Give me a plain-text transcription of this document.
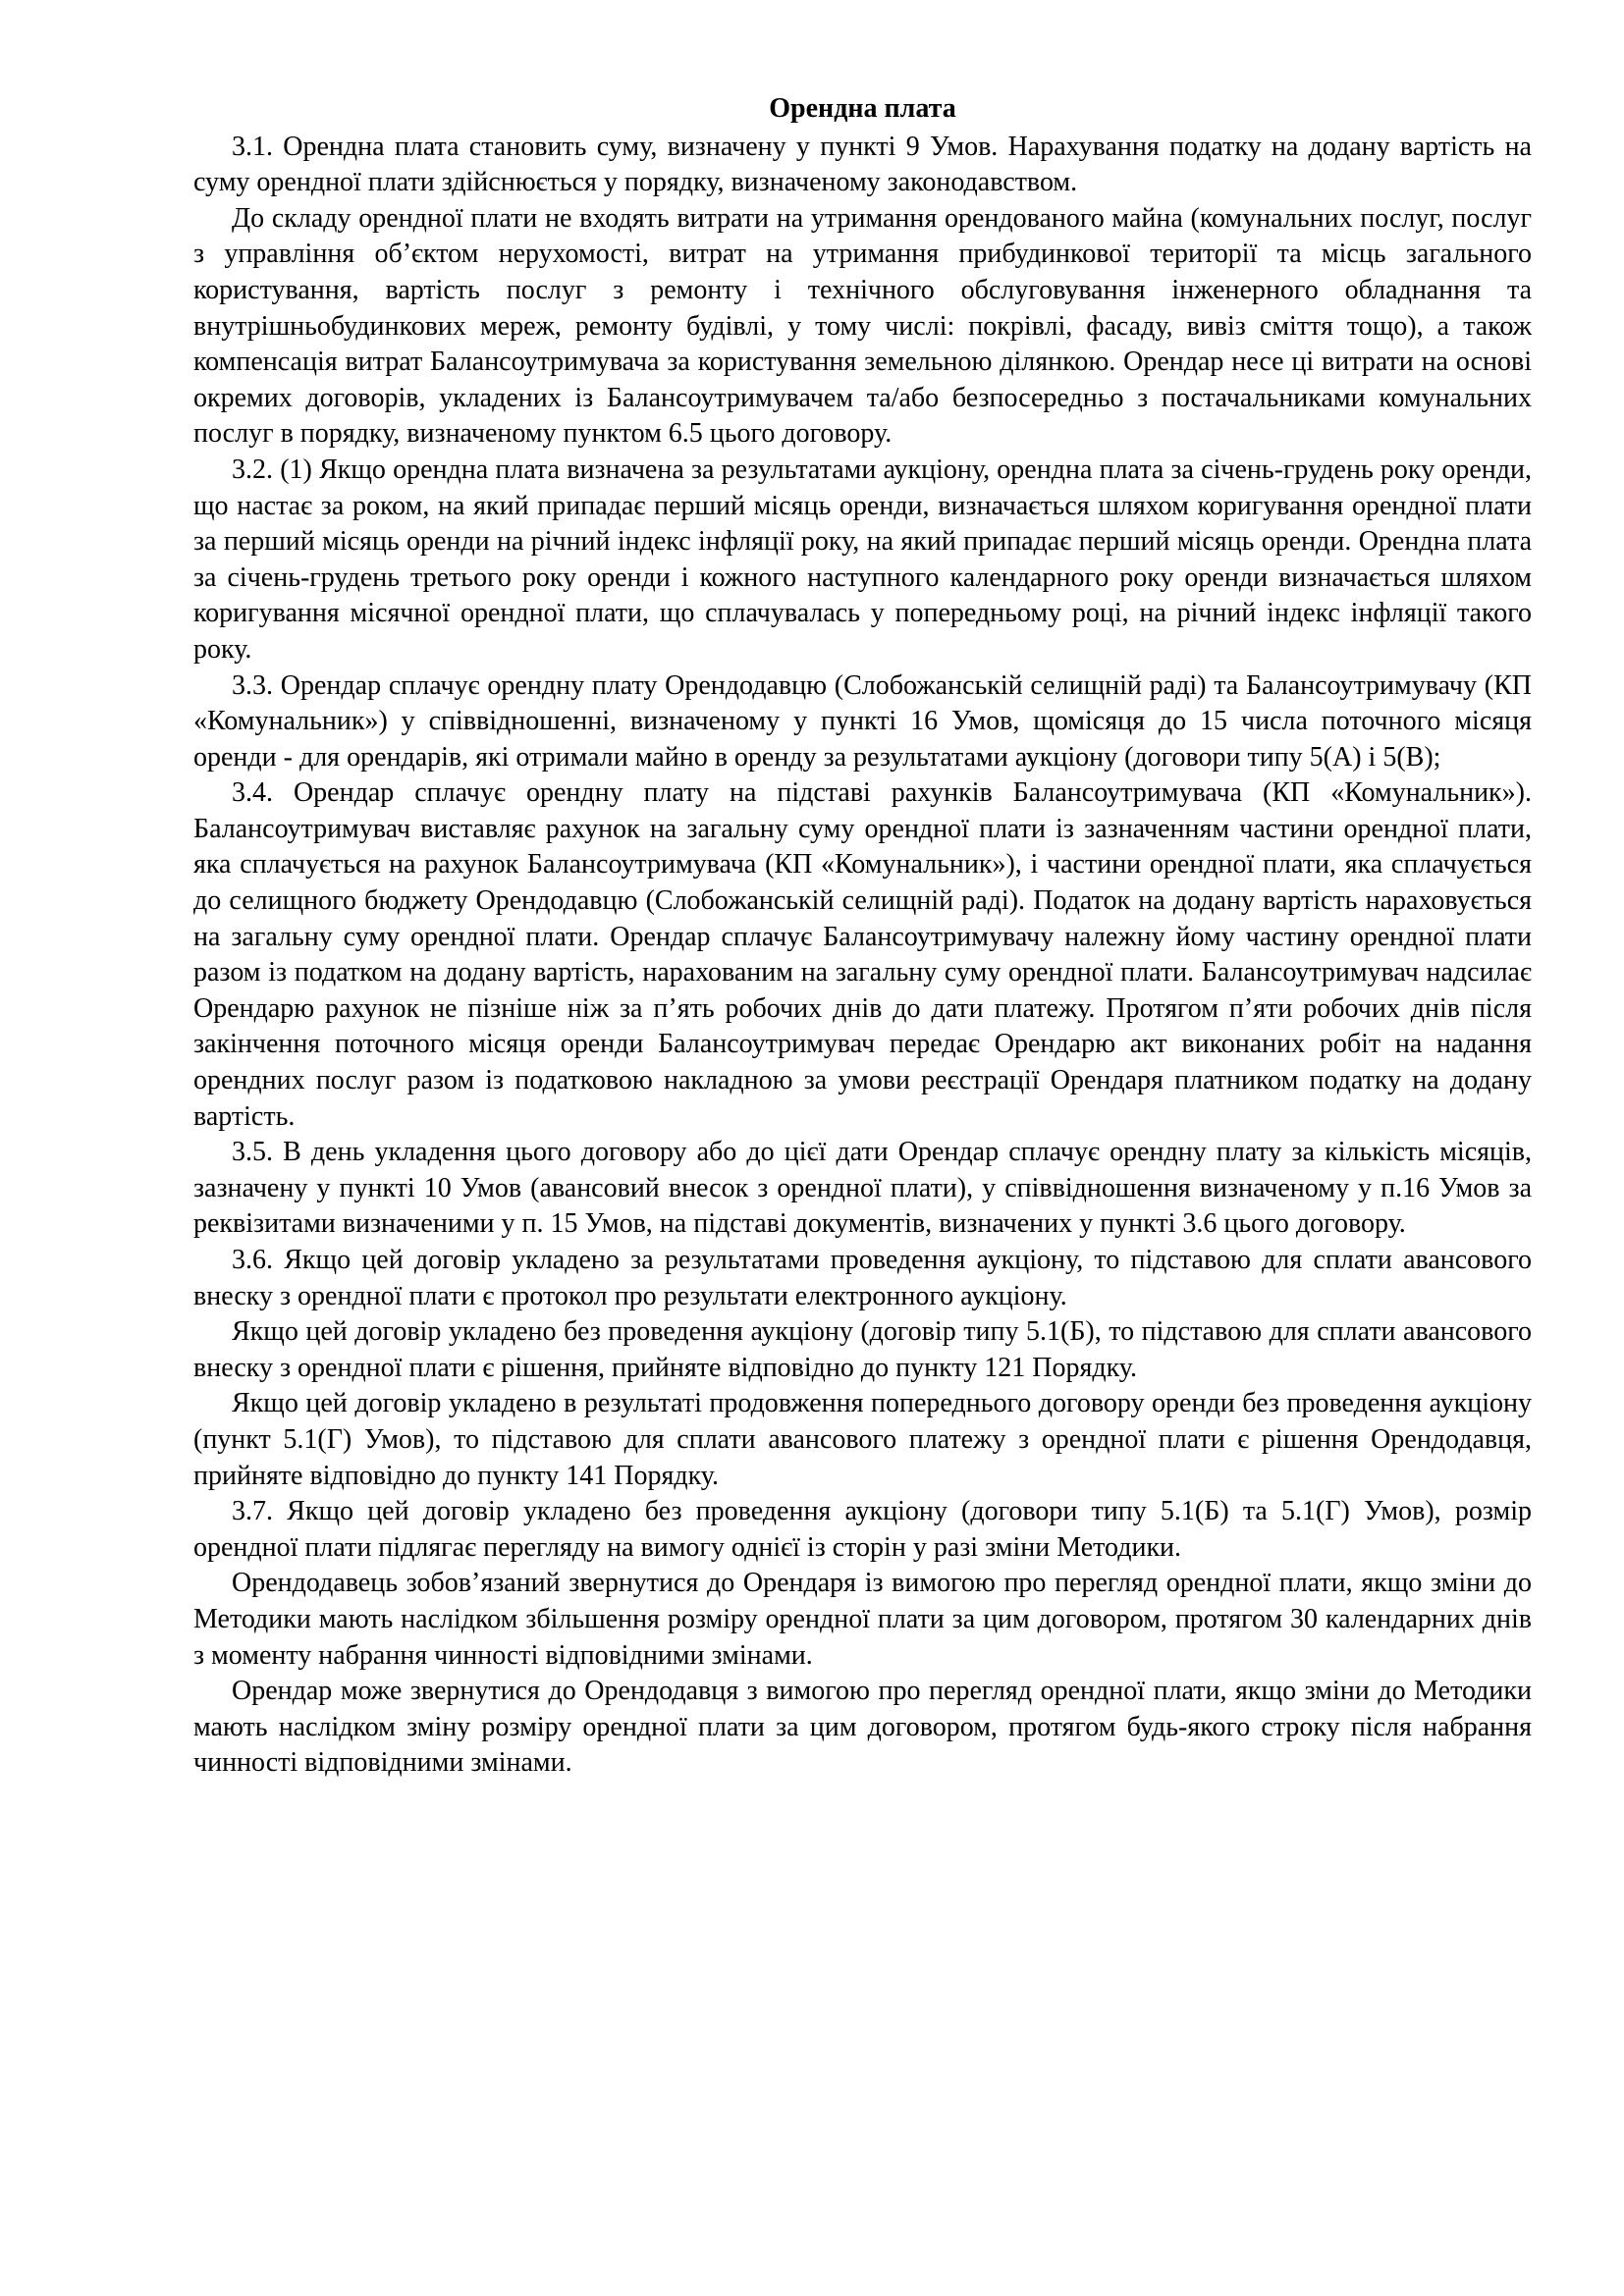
Орендна плата

3.1. Орендна плата становить суму, визначену у пункті 9 Умов. Нарахування податку на додану вартість на суму орендної плати здійснюється у порядку, визначеному законодавством.

До складу орендної плати не входять витрати на утримання орендованого майна (комунальних послуг, послуг з управління об’єктом нерухомості, витрат на утримання прибудинкової території та місць загального користування, вартість послуг з ремонту і технічного обслуговування інженерного обладнання та внутрішньобудинкових мереж, ремонту будівлі, у тому числі: покрівлі, фасаду, вивіз сміття тощо), а також компенсація витрат Балансоутримувача за користування земельною ділянкою. Орендар несе ці витрати на основі окремих договорів, укладених із Балансоутримувачем та/або безпосередньо з постачальниками комунальних послуг в порядку, визначеному пунктом 6.5 цього договору.

3.2. (1) Якщо орендна плата визначена за результатами аукціону, орендна плата за січень-грудень року оренди, що настає за роком, на який припадає перший місяць оренди, визначається шляхом коригування орендної плати за перший місяць оренди на річний індекс інфляції року, на який припадає перший місяць оренди. Орендна плата за січень-грудень третього року оренди і кожного наступного календарного року оренди визначається шляхом коригування місячної орендної плати, що сплачувалась у попередньому році, на річний індекс інфляції такого року.

3.3. Орендар сплачує орендну плату Орендодавцю (Слобожанській селищній раді) та Балансоутримувачу (КП «Комунальник») у співвідношенні, визначеному у пункті 16 Умов, щомісяця до 15 числа поточного місяця оренди - для орендарів, які отримали майно в оренду за результатами аукціону (договори типу 5(А) і 5(В);

3.4. Орендар сплачує орендну плату на підставі рахунків Балансоутримувача (КП «Комунальник»). Балансоутримувач виставляє рахунок на загальну суму орендної плати із зазначенням частини орендної плати, яка сплачується на рахунок Балансоутримувача (КП «Комунальник»), і частини орендної плати, яка сплачується до селищного бюджету Орендодавцю (Слобожанській селищній раді). Податок на додану вартість нараховується на загальну суму орендної плати. Орендар сплачує Балансоутримувачу належну йому частину орендної плати разом із податком на додану вартість, нарахованим на загальну суму орендної плати. Балансоутримувач надсилає Орендарю рахунок не пізніше ніж за п’ять робочих днів до дати платежу. Протягом п’яти робочих днів після закінчення поточного місяця оренди Балансоутримувач передає Орендарю акт виконаних робіт на надання орендних послуг разом із податковою накладною за умови реєстрації Орендаря платником податку на додану вартість.

3.5. В день укладення цього договору або до цієї дати Орендар сплачує орендну плату за кількість місяців, зазначену у пункті 10 Умов (авансовий внесок з орендної плати), у співвідношення визначеному у п.16 Умов за реквізитами визначеними у п. 15 Умов, на підставі документів, визначених у пункті 3.6 цього договору.

3.6. Якщо цей договір укладено за результатами проведення аукціону, то підставою для сплати авансового внеску з орендної плати є протокол про результати електронного аукціону.

Якщо цей договір укладено без проведення аукціону (договір типу 5.1(Б), то підставою для сплати авансового внеску з орендної плати є рішення, прийняте відповідно до пункту 121 Порядку.

Якщо цей договір укладено в результаті продовження попереднього договору оренди без проведення аукціону (пункт 5.1(Г) Умов), то підставою для сплати авансового платежу з орендної плати є рішення Орендодавця, прийняте відповідно до пункту 141 Порядку.

3.7. Якщо цей договір укладено без проведення аукціону (договори типу 5.1(Б) та 5.1(Г) Умов), розмір орендної плати підлягає перегляду на вимогу однієї із сторін у разі зміни Методики.

Орендодавець зобов’язаний звернутися до Орендаря із вимогою про перегляд орендної плати, якщо зміни до Методики мають наслідком збільшення розміру орендної плати за цим договором, протягом 30 календарних днів з моменту набрання чинності відповідними змінами.

Орендар може звернутися до Орендодавця з вимогою про перегляд орендної плати, якщо зміни до Методики мають наслідком зміну розміру орендної плати за цим договором, протягом будь-якого строку після набрання чинності відповідними змінами.
